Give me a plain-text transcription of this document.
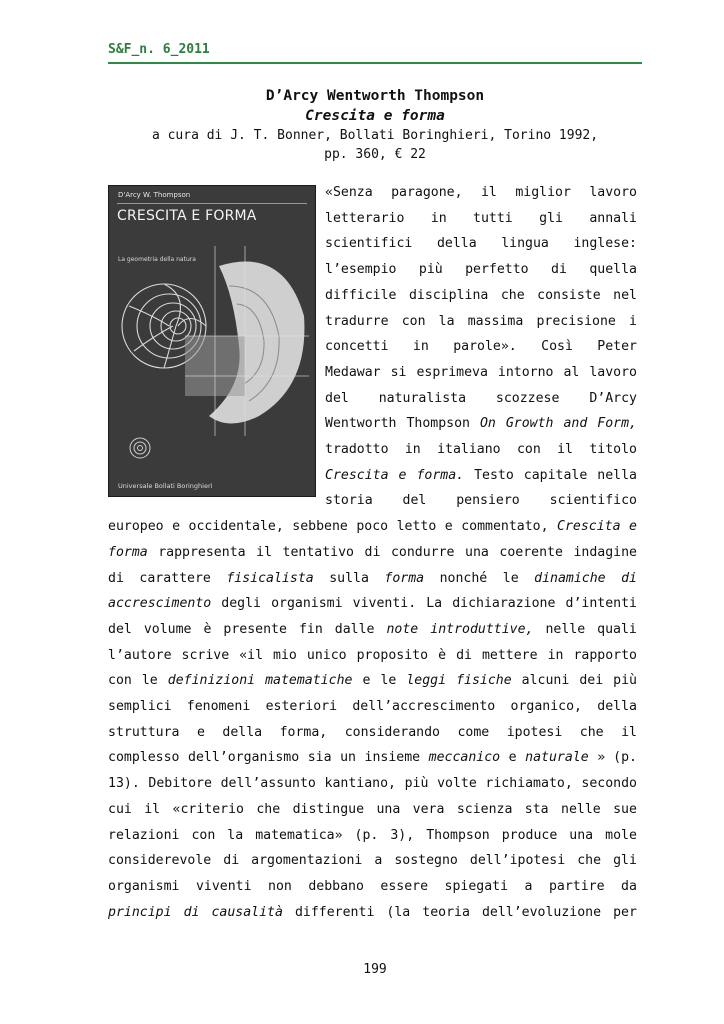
S&F_n. 6_2011
D’Arcy Wentworth Thompson
Crescita e forma
a cura di J. T. Bonner, Bollati Boringhieri, Torino 1992,
pp. 360, € 22
D'Arcy W. Thompson
CRESCITA E FORMA
La geometria della natura
Universale Bollati Boringhieri
«Senza paragone, il miglior lavoro
letterario in tutti gli annali
scientifici della lingua inglese:
l’esempio più perfetto di quella
difficile disciplina che consiste nel
tradurre con la massima precisione i
concetti in parole». Così Peter
Medawar si esprimeva intorno al lavoro
del naturalista scozzese D’Arcy
Wentworth Thompson On Growth and Form,
tradotto in italiano con il titolo
Crescita e forma. Testo capitale nella
storia del pensiero scientifico
europeo e occidentale, sebbene poco letto e commentato, Crescita e
forma rappresenta il tentativo di condurre una coerente indagine
di carattere fisicalista sulla forma nonché le dinamiche di
accrescimento degli organismi viventi. La dichiarazione d’intenti
del volume è presente fin dalle note introduttive, nelle quali
l’autore scrive «il mio unico proposito è di mettere in rapporto
con le definizioni matematiche e le leggi fisiche alcuni dei più
semplici fenomeni esteriori dell’accrescimento organico, della
struttura e della forma, considerando come ipotesi che il
complesso dell’organismo sia un insieme meccanico e naturale » (p.
13). Debitore dell’assunto kantiano, più volte richiamato, secondo
cui il «criterio che distingue una vera scienza sta nelle sue
relazioni con la matematica» (p. 3), Thompson produce una mole
considerevole di argomentazioni a sostegno dell’ipotesi che gli
organismi viventi non debbano essere spiegati a partire da
principi di causalità differenti (la teoria dell’evoluzione per
199
